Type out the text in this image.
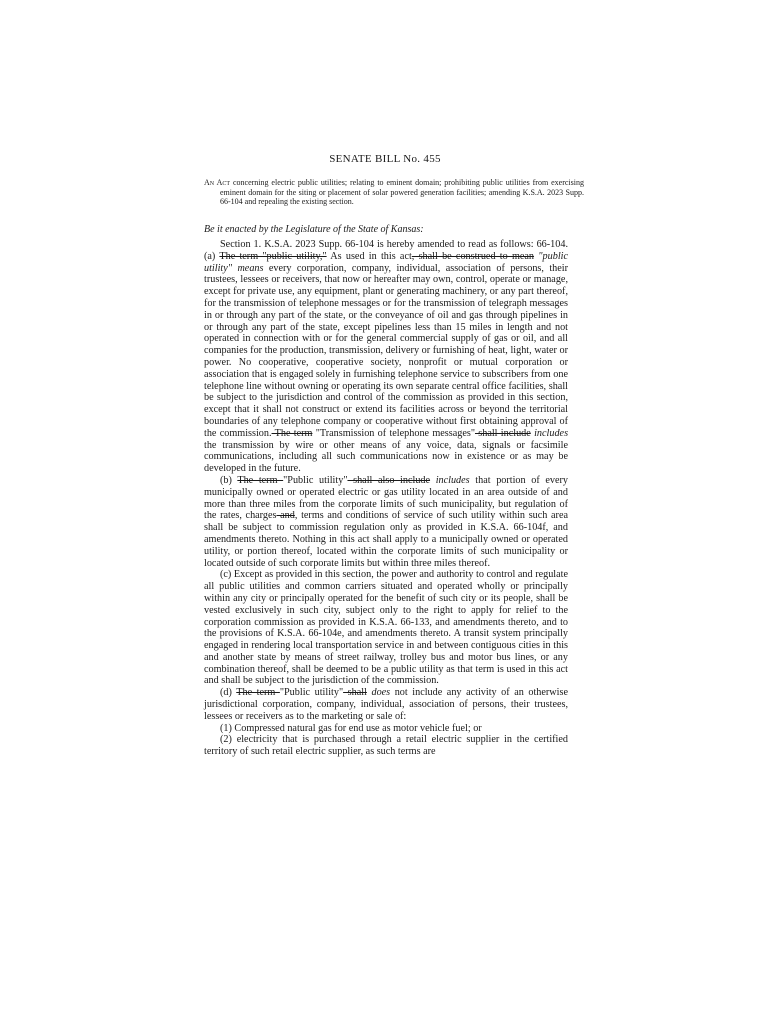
SENATE BILL No. 455
An Act concerning electric public utilities; relating to eminent domain; prohibiting public utilities from exercising eminent domain for the siting or placement of solar powered generation facilities; amending K.S.A. 2023 Supp. 66-104 and repealing the existing section.
Be it enacted by the Legislature of the State of Kansas:

Section 1. K.S.A. 2023 Supp. 66-104 is hereby amended to read as follows: 66-104. (a) The term "public utility," As used in this act, shall be construed to mean "public utility" means every corporation, company, individual, association of persons, their trustees, lessees or receivers, that now or hereafter may own, control, operate or manage, except for private use, any equipment, plant or generating machinery, or any part thereof, for the transmission of telephone messages or for the transmission of telegraph messages in or through any part of the state, or the conveyance of oil and gas through pipelines in or through any part of the state, except pipelines less than 15 miles in length and not operated in connection with or for the general commercial supply of gas or oil, and all companies for the production, transmission, delivery or furnishing of heat, light, water or power. No cooperative, cooperative society, nonprofit or mutual corporation or association that is engaged solely in furnishing telephone service to subscribers from one telephone line without owning or operating its own separate central office facilities, shall be subject to the jurisdiction and control of the commission as provided in this section, except that it shall not construct or extend its facilities across or beyond the territorial boundaries of any telephone company or cooperative without first obtaining approval of the commission. The term "Transmission of telephone messages" shall include includes the transmission by wire or other means of any voice, data, signals or facsimile communications, including all such communications now in existence or as may be developed in the future.

(b) The term "Public utility" shall also include includes that portion of every municipally owned or operated electric or gas utility located in an area outside of and more than three miles from the corporate limits of such municipality, but regulation of the rates, charges and, terms and conditions of service of such utility within such area shall be subject to commission regulation only as provided in K.S.A. 66-104f, and amendments thereto. Nothing in this act shall apply to a municipally owned or operated utility, or portion thereof, located within the corporate limits of such municipality or located outside of such corporate limits but within three miles thereof.

(c) Except as provided in this section, the power and authority to control and regulate all public utilities and common carriers situated and operated wholly or principally within any city or principally operated for the benefit of such city or its people, shall be vested exclusively in such city, subject only to the right to apply for relief to the corporation commission as provided in K.S.A. 66-133, and amendments thereto, and to the provisions of K.S.A. 66-104e, and amendments thereto. A transit system principally engaged in rendering local transportation service in and between contiguous cities in this and another state by means of street railway, trolley bus and motor bus lines, or any combination thereof, shall be deemed to be a public utility as that term is used in this act and shall be subject to the jurisdiction of the commission.

(d) The term "Public utility" shall does not include any activity of an otherwise jurisdictional corporation, company, individual, association of persons, their trustees, lessees or receivers as to the marketing or sale of:

(1) Compressed natural gas for end use as motor vehicle fuel; or

(2) electricity that is purchased through a retail electric supplier in the certified territory of such retail electric supplier, as such terms are
